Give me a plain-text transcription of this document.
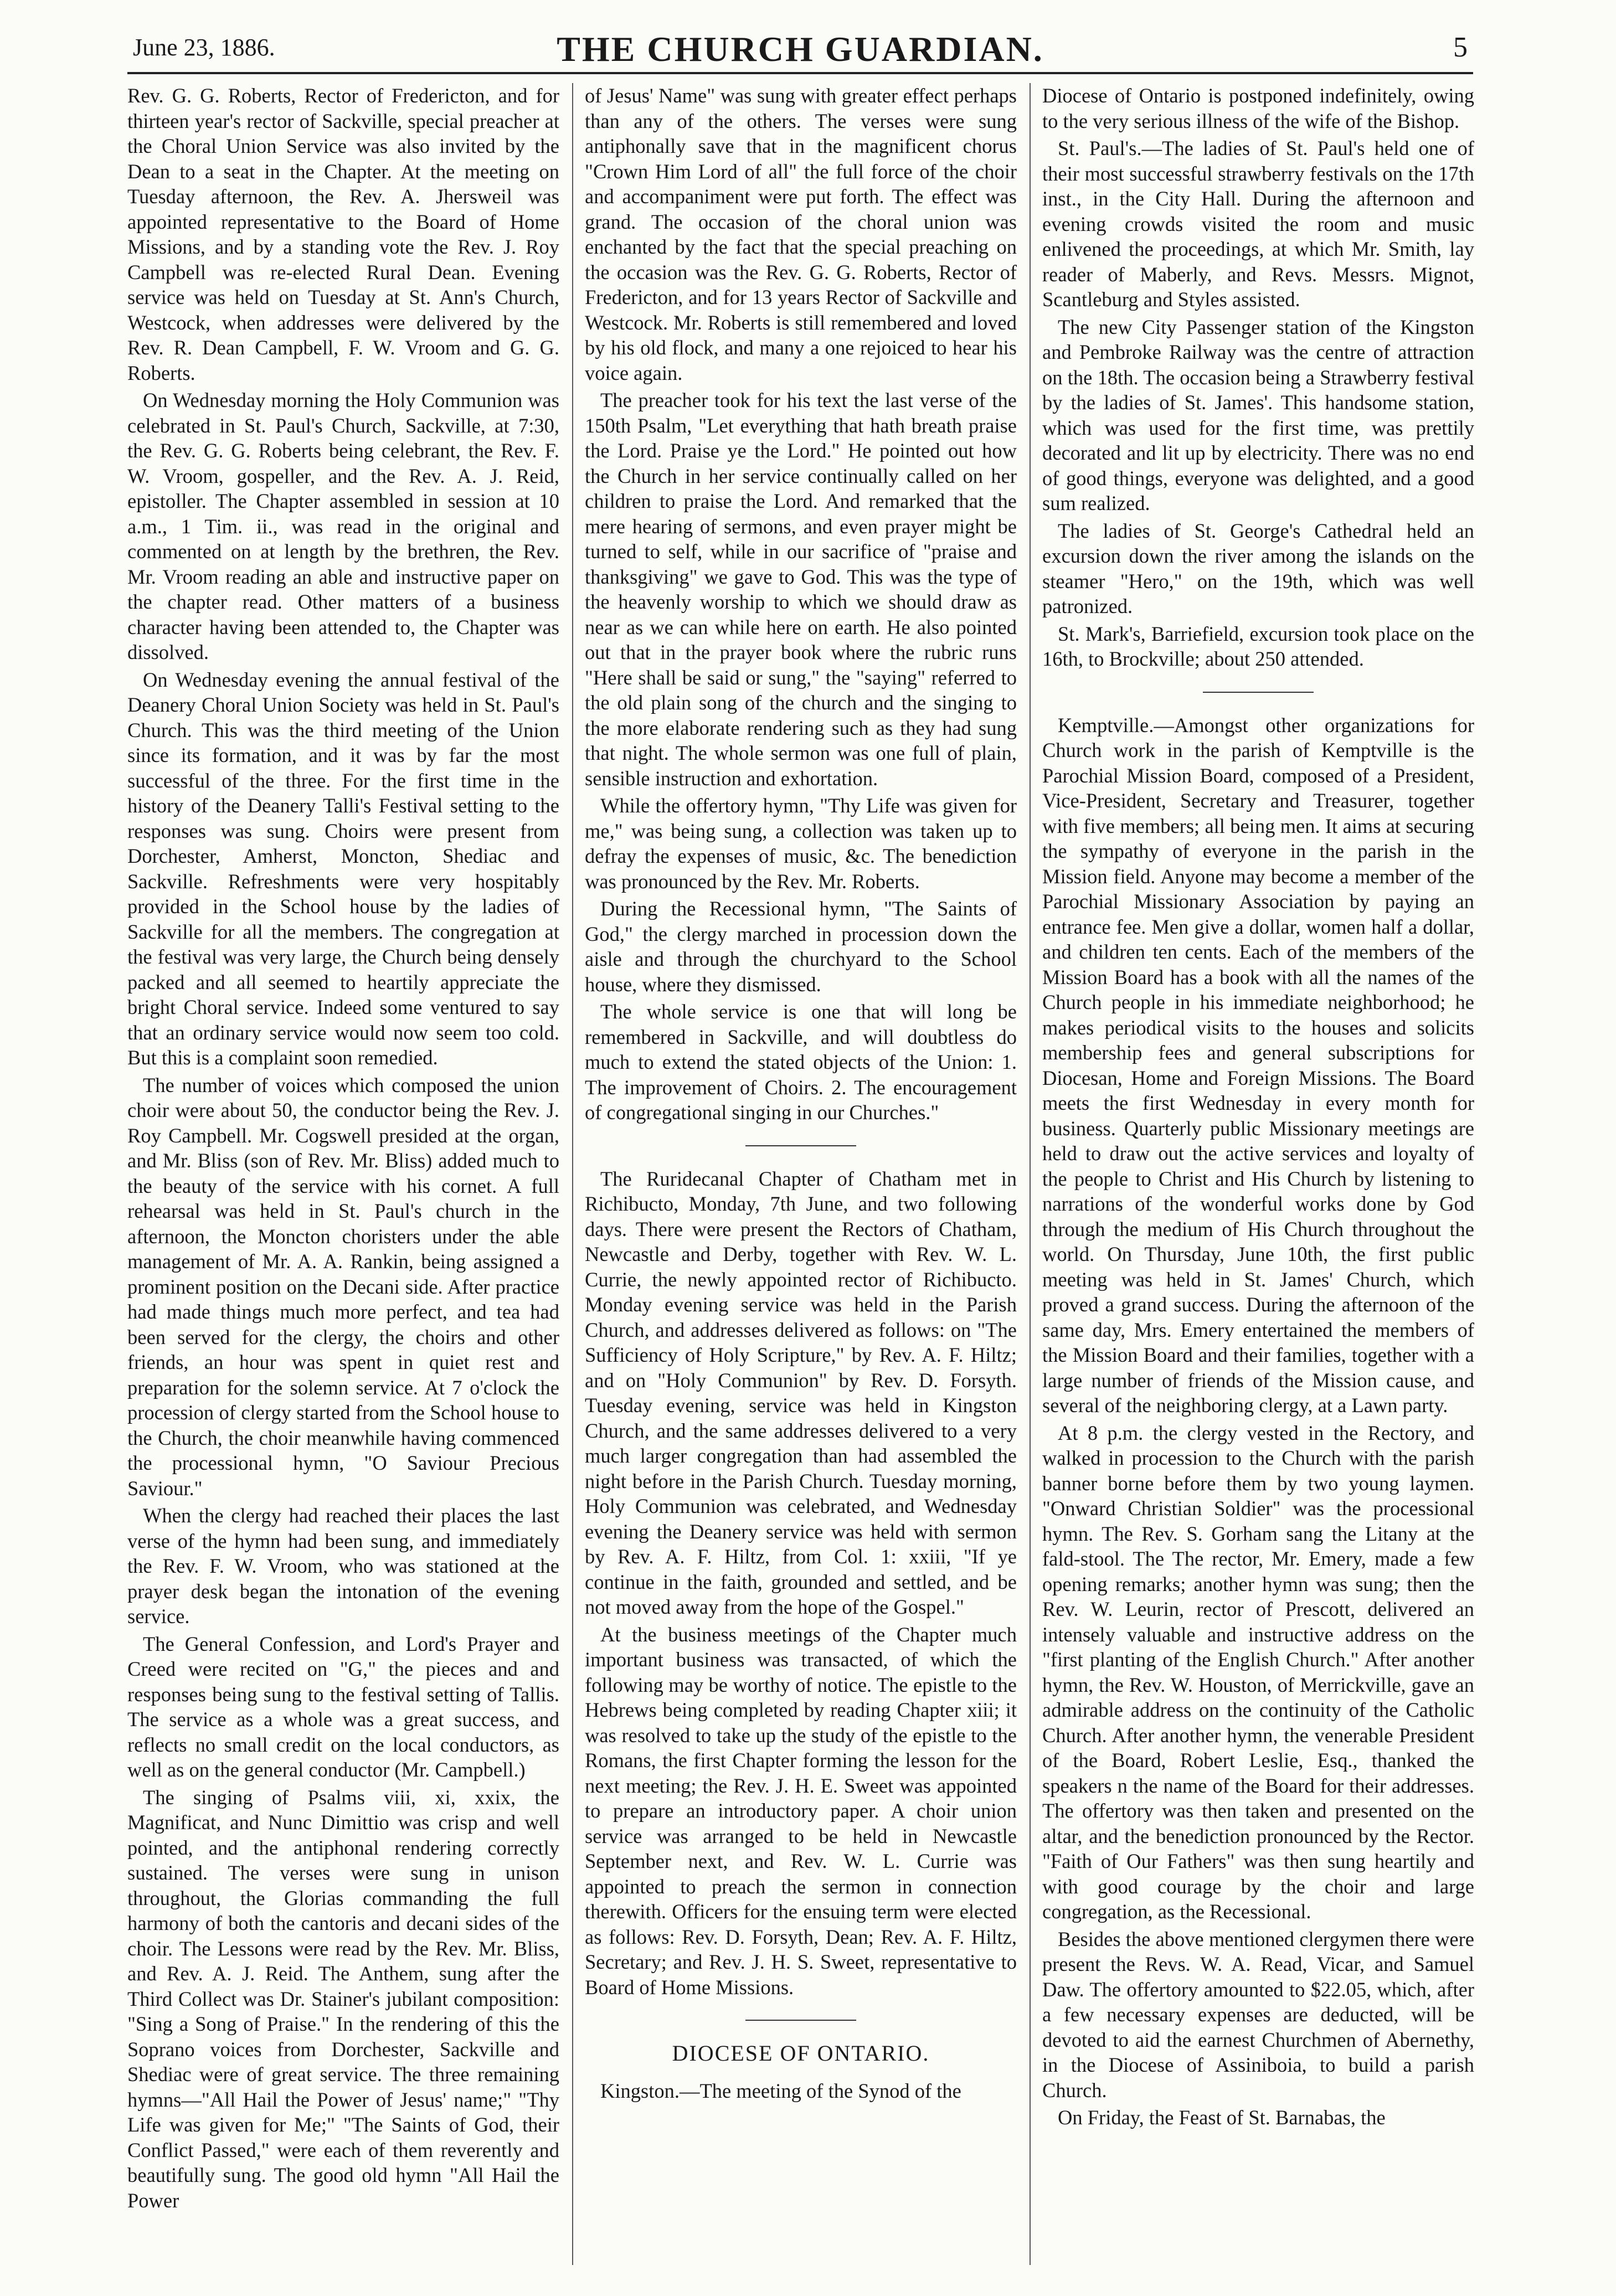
June 23, 1886.	THE CHURCH GUARDIAN.	5

Rev. G. G. Roberts, Rector of Fredericton, and for thirteen year's rector of Sackville, special preacher at the Choral Union Service was also invited by the Dean to a seat in the Chapter. At the meeting on Tuesday afternoon, the Rev. A. Jhersweil was appointed representative to the Board of Home Missions, and by a standing vote the Rev. J. Roy Campbell was re-elected Rural Dean. Evening service was held on Tuesday at St. Ann's Church, Westcock, when addresses were delivered by the Rev. R. Dean Campbell, F. W. Vroom and G. G. Roberts.

On Wednesday morning the Holy Communion was celebrated in St. Paul's Church, Sackville, at 7:30, the Rev. G. G. Roberts being celebrant, the Rev. F. W. Vroom, gospeller, and the Rev. A. J. Reid, epistoller. The Chapter assembled in session at 10 a.m., 1 Tim. ii., was read in the original and commented on at length by the brethren, the Rev. Mr. Vroom reading an able and instructive paper on the chapter read. Other matters of a business character having been attended to, the Chapter was dissolved.

On Wednesday evening the annual festival of the Deanery Choral Union Society was held in St. Paul's Church. This was the third meeting of the Union since its formation, and it was by far the most successful of the three. For the first time in the history of the Deanery Talli's Festival setting to the responses was sung. Choirs were present from Dorchester, Amherst, Moncton, Shediac and Sackville. Refreshments were very hospitably provided in the School house by the ladies of Sackville for all the members. The congregation at the festival was very large, the Church being densely packed and all seemed to heartily appreciate the bright Choral service. Indeed some ventured to say that an ordinary service would now seem too cold. But this is a complaint soon remedied.

The number of voices which composed the union choir were about 50, the conductor being the Rev. J. Roy Campbell. Mr. Cogswell presided at the organ, and Mr. Bliss (son of Rev. Mr. Bliss) added much to the beauty of the service with his cornet. A full rehearsal was held in St. Paul's church in the afternoon, the Moncton choristers under the able management of Mr. A. A. Rankin, being assigned a prominent position on the Decani side. After practice had made things much more perfect, and tea had been served for the clergy, the choirs and other friends, an hour was spent in quiet rest and preparation for the solemn service. At 7 o'clock the procession of clergy started from the School house to the Church, the choir meanwhile having commenced the processional hymn, "O Saviour Precious Saviour."

When the clergy had reached their places the last verse of the hymn had been sung, and immediately the Rev. F. W. Vroom, who was stationed at the prayer desk began the intonation of the evening service.

The General Confession, and Lord's Prayer and Creed were recited on "G," the pieces and and responses being sung to the festival setting of Tallis. The service as a whole was a great success, and reflects no small credit on the local conductors, as well as on the general conductor (Mr. Campbell.)

The singing of Psalms viii, xi, xxix, the Magnificat, and Nunc Dimittio was crisp and well pointed, and the antiphonal rendering correctly sustained. The verses were sung in unison throughout, the Glorias commanding the full harmony of both the cantoris and decani sides of the choir. The Lessons were read by the Rev. Mr. Bliss, and Rev. A. J. Reid. The Anthem, sung after the Third Collect was Dr. Stainer's jubilant composition: "Sing a Song of Praise." In the rendering of this the Soprano voices from Dorchester, Sackville and Shediac were of great service. The three remaining hymns—"All Hail the Power of Jesus' name;" "Thy Life was given for Me;" "The Saints of God, their Conflict Passed," were each of them reverently and beautifully sung. The good old hymn "All Hail the Power

of Jesus' Name" was sung with greater effect perhaps than any of the others. The verses were sung antiphonally save that in the magnificent chorus "Crown Him Lord of all" the full force of the choir and accompaniment were put forth. The effect was grand. The occasion of the choral union was enchanted by the fact that the special preaching on the occasion was the Rev. G. G. Roberts, Rector of Fredericton, and for 13 years Rector of Sackville and Westcock. Mr. Roberts is still remembered and loved by his old flock, and many a one rejoiced to hear his voice again.

The preacher took for his text the last verse of the 150th Psalm, "Let everything that hath breath praise the Lord. Praise ye the Lord." He pointed out how the Church in her service continually called on her children to praise the Lord. And remarked that the mere hearing of sermons, and even prayer might be turned to self, while in our sacrifice of "praise and thanksgiving" we gave to God. This was the type of the heavenly worship to which we should draw as near as we can while here on earth. He also pointed out that in the prayer book where the rubric runs "Here shall be said or sung," the "saying" referred to the old plain song of the church and the singing to the more elaborate rendering such as they had sung that night. The whole sermon was one full of plain, sensible instruction and exhortation.

While the offertory hymn, "Thy Life was given for me," was being sung, a collection was taken up to defray the expenses of music, &c. The benediction was pronounced by the Rev. Mr. Roberts.

During the Recessional hymn, "The Saints of God," the clergy marched in procession down the aisle and through the churchyard to the School house, where they dismissed.

The whole service is one that will long be remembered in Sackville, and will doubtless do much to extend the stated objects of the Union: 1. The improvement of Choirs. 2. The encouragement of congregational singing in our Churches."

The Ruridecanal Chapter of Chatham met in Richibucto, Monday, 7th June, and two following days. There were present the Rectors of Chatham, Newcastle and Derby, together with Rev. W. L. Currie, the newly appointed rector of Richibucto. Monday evening service was held in the Parish Church, and addresses delivered as follows: on "The Sufficiency of Holy Scripture," by Rev. A. F. Hiltz; and on "Holy Communion" by Rev. D. Forsyth. Tuesday evening, service was held in Kingston Church, and the same addresses delivered to a very much larger congregation than had assembled the night before in the Parish Church. Tuesday morning, Holy Communion was celebrated, and Wednesday evening the Deanery service was held with sermon by Rev. A. F. Hiltz, from Col. 1: xxiii, "If ye continue in the faith, grounded and settled, and be not moved away from the hope of the Gospel."

At the business meetings of the Chapter much important business was transacted, of which the following may be worthy of notice. The epistle to the Hebrews being completed by reading Chapter xiii; it was resolved to take up the study of the epistle to the Romans, the first Chapter forming the lesson for the next meeting; the Rev. J. H. E. Sweet was appointed to prepare an introductory paper. A choir union service was arranged to be held in Newcastle September next, and Rev. W. L. Currie was appointed to preach the sermon in connection therewith. Officers for the ensuing term were elected as follows: Rev. D. Forsyth, Dean; Rev. A. F. Hiltz, Secretary; and Rev. J. H. S. Sweet, representative to Board of Home Missions.

DIOCESE OF ONTARIO.

Kingston.—The meeting of the Synod of the

Diocese of Ontario is postponed indefinitely, owing to the very serious illness of the wife of the Bishop.

St. Paul's.—The ladies of St. Paul's held one of their most successful strawberry festivals on the 17th inst., in the City Hall. During the afternoon and evening crowds visited the room and music enlivened the proceedings, at which Mr. Smith, lay reader of Maberly, and Revs. Messrs. Mignot, Scantleburg and Styles assisted.

The new City Passenger station of the Kingston and Pembroke Railway was the centre of attraction on the 18th. The occasion being a Strawberry festival by the ladies of St. James'. This handsome station, which was used for the first time, was prettily decorated and lit up by electricity. There was no end of good things, everyone was delighted, and a good sum realized.

The ladies of St. George's Cathedral held an excursion down the river among the islands on the steamer "Hero," on the 19th, which was well patronized.

St. Mark's, Barriefield, excursion took place on the 16th, to Brockville; about 250 attended.

Kemptville.—Amongst other organizations for Church work in the parish of Kemptville is the Parochial Mission Board, composed of a President, Vice-President, Secretary and Treasurer, together with five members; all being men. It aims at securing the sympathy of everyone in the parish in the Mission field. Anyone may become a member of the Parochial Missionary Association by paying an entrance fee. Men give a dollar, women half a dollar, and children ten cents. Each of the members of the Mission Board has a book with all the names of the Church people in his immediate neighborhood; he makes periodical visits to the houses and solicits membership fees and general subscriptions for Diocesan, Home and Foreign Missions. The Board meets the first Wednesday in every month for business. Quarterly public Missionary meetings are held to draw out the active services and loyalty of the people to Christ and His Church by listening to narrations of the wonderful works done by God through the medium of His Church throughout the world. On Thursday, June 10th, the first public meeting was held in St. James' Church, which proved a grand success. During the afternoon of the same day, Mrs. Emery entertained the members of the Mission Board and their families, together with a large number of friends of the Mission cause, and several of the neighboring clergy, at a Lawn party.

At 8 p.m. the clergy vested in the Rectory, and walked in procession to the Church with the parish banner borne before them by two young laymen. "Onward Christian Soldier" was the processional hymn. The Rev. S. Gorham sang the Litany at the fald-stool. The The rector, Mr. Emery, made a few opening remarks; another hymn was sung; then the Rev. W. Leurin, rector of Prescott, delivered an intensely valuable and instructive address on the "first planting of the English Church." After another hymn, the Rev. W. Houston, of Merrickville, gave an admirable address on the continuity of the Catholic Church. After another hymn, the venerable President of the Board, Robert Leslie, Esq., thanked the speakers n the name of the Board for their addresses. The offertory was then taken and presented on the altar, and the benediction pronounced by the Rector. "Faith of Our Fathers" was then sung heartily and with good courage by the choir and large congregation, as the Recessional.

Besides the above mentioned clergymen there were present the Revs. W. A. Read, Vicar, and Samuel Daw. The offertory amounted to $22.05, which, after a few necessary expenses are deducted, will be devoted to aid the earnest Churchmen of Abernethy, in the Diocese of Assiniboia, to build a parish Church.

On Friday, the Feast of St. Barnabas, the
